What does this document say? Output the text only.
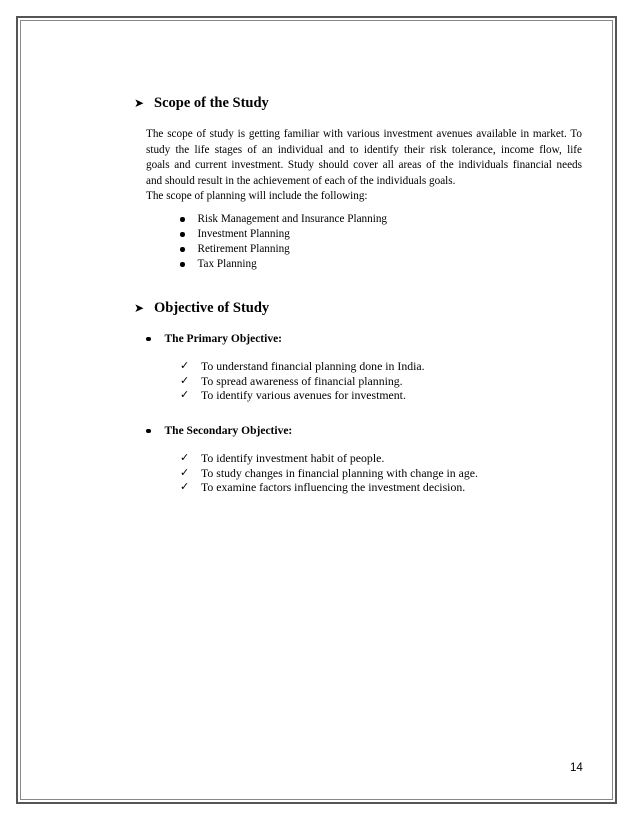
➤ Scope of the Study

The scope of study is getting familiar with various investment avenues available in market. To

study the life stages of an individual and to identify their risk tolerance, income flow, life

goals and current investment. Study should cover all areas of the individuals financial needs

and should result in the achievement of each of the individuals goals.

The scope of planning will include the following:

Risk Management and Insurance Planning
Investment Planning
Retirement Planning
Tax Planning
➤ Objective of Study
The Primary Objective:
✓ To understand financial planning done in India.
✓ To spread awareness of financial planning.
✓ To identify various avenues for investment.
The Secondary Objective:
✓ To identify investment habit of people.
✓ To study changes in financial planning with change in age.
✓ To examine factors influencing the investment decision.
14
